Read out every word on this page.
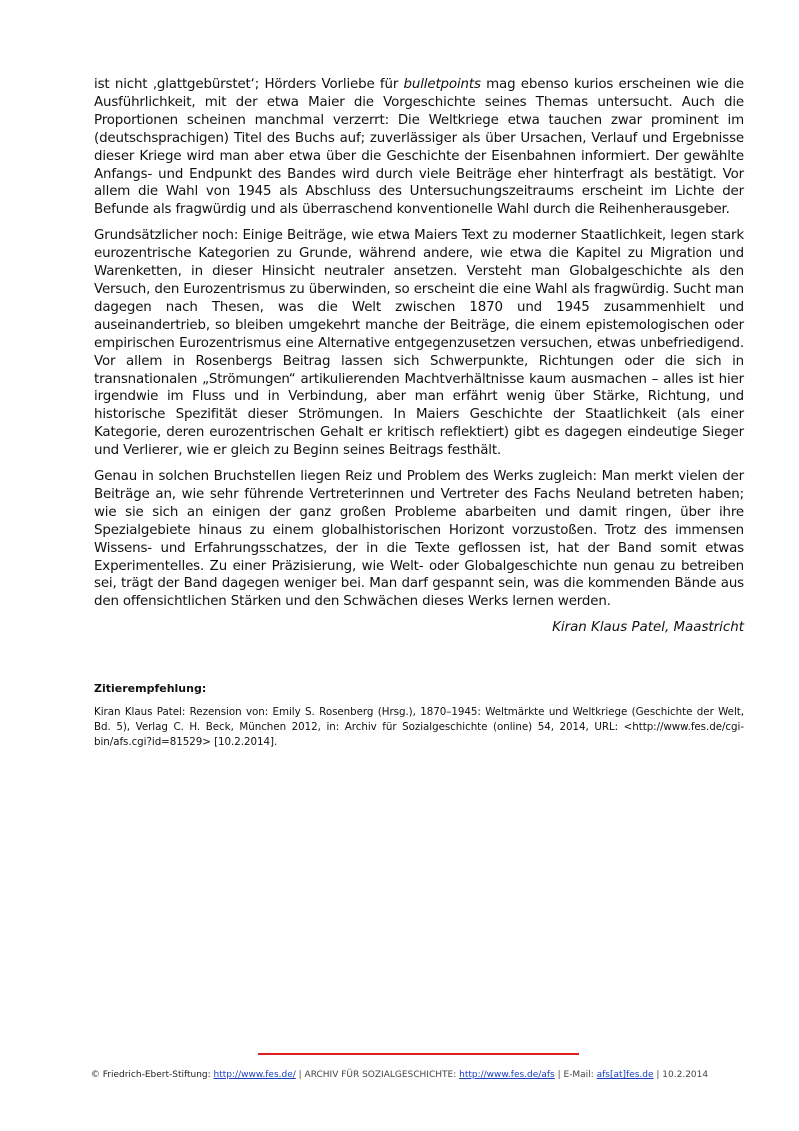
ist nicht ‚glattgebürstet‘; Hörders Vorliebe für bulletpoints mag ebenso kurios erscheinen wie die Ausführlichkeit, mit der etwa Maier die Vorgeschichte seines Themas untersucht. Auch die Proportionen scheinen manchmal verzerrt: Die Weltkriege etwa tauchen zwar prominent im (deutschsprachigen) Titel des Buchs auf; zuverlässiger als über Ursachen, Verlauf und Ergebnisse dieser Kriege wird man aber etwa über die Geschichte der Eisenbahnen informiert. Der gewählte Anfangs- und Endpunkt des Bandes wird durch viele Beiträge eher hinterfragt als bestätigt. Vor allem die Wahl von 1945 als Abschluss des Untersuchungszeitraums erscheint im Lichte der Befunde als fragwürdig und als überraschend konventionelle Wahl durch die Reihenherausgeber.

Grundsätzlicher noch: Einige Beiträge, wie etwa Maiers Text zu moderner Staatlichkeit, legen stark eurozentrische Kategorien zu Grunde, während andere, wie etwa die Kapitel zu Migration und Warenketten, in dieser Hinsicht neutraler ansetzen. Versteht man Globalgeschichte als den Versuch, den Eurozentrismus zu überwinden, so erscheint die eine Wahl als fragwürdig. Sucht man dagegen nach Thesen, was die Welt zwischen 1870 und 1945 zusammenhielt und auseinandertrieb, so bleiben umgekehrt manche der Beiträge, die einem epistemologischen oder empirischen Eurozentrismus eine Alternative entgegenzusetzen versuchen, etwas unbefriedigend. Vor allem in Rosenbergs Beitrag lassen sich Schwerpunkte, Richtungen oder die sich in transnationalen „Strömungen“ artikulierenden Machtverhältnisse kaum ausmachen – alles ist hier irgendwie im Fluss und in Verbindung, aber man erfährt wenig über Stärke, Richtung, und historische Spezifität dieser Strömungen. In Maiers Geschichte der Staatlichkeit (als einer Kategorie, deren eurozentrischen Gehalt er kritisch reflektiert) gibt es dagegen eindeutige Sieger und Verlierer, wie er gleich zu Beginn seines Beitrags festhält.

Genau in solchen Bruchstellen liegen Reiz und Problem des Werks zugleich: Man merkt vielen der Beiträge an, wie sehr führende Vertreterinnen und Vertreter des Fachs Neuland betreten haben; wie sie sich an einigen der ganz großen Probleme abarbeiten und damit ringen, über ihre Spezialgebiete hinaus zu einem globalhistorischen Horizont vorzustoßen. Trotz des immensen Wissens- und Erfahrungsschatzes, der in die Texte geflossen ist, hat der Band somit etwas Experimentelles. Zu einer Präzisierung, wie Welt- oder Globalgeschichte nun genau zu betreiben sei, trägt der Band dagegen weniger bei. Man darf gespannt sein, was die kommenden Bände aus den offensichtlichen Stärken und den Schwächen dieses Werks lernen werden.

Kiran Klaus Patel, Maastricht

Zitierempfehlung:

Kiran Klaus Patel: Rezension von: Emily S. Rosenberg (Hrsg.), 1870–1945: Weltmärkte und Weltkriege (Geschichte der Welt, Bd. 5), Verlag C. H. Beck, München 2012, in: Archiv für Sozialgeschichte (online) 54, 2014, URL: <http://www.fes.de/cgi-bin/afs.cgi?id=81529> [10.2.2014].

© Friedrich-Ebert-Stiftung: http://www.fes.de/ | ARCHIV FÜR SOZIALGESCHICHTE: http://www.fes.de/afs | E-Mail: afs[at]fes.de | 10.2.2014
